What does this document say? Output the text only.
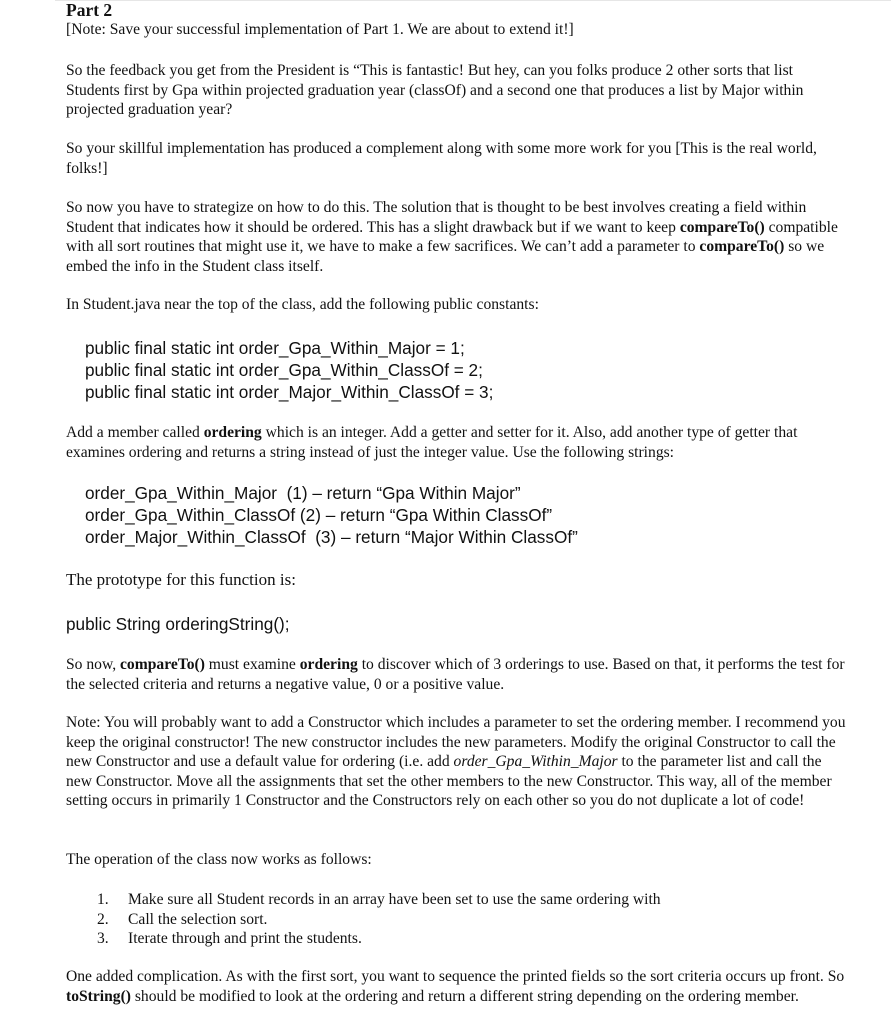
Part 2

[Note: Save your successful implementation of Part 1. We are about to extend it!]

So the feedback you get from the President is “This is fantastic! But hey, can you folks produce 2 other sorts that list Students first by Gpa within projected graduation year (classOf) and a second one that produces a list by Major within projected graduation year?

So your skillful implementation has produced a complement along with some more work for you [This is the real world, folks!]

So now you have to strategize on how to do this. The solution that is thought to be best involves creating a field within Student that indicates how it should be ordered. This has a slight drawback but if we want to keep compareTo() compatible with all sort routines that might use it, we have to make a few sacrifices. We can’t add a parameter to compareTo() so we embed the info in the Student class itself.

In Student.java near the top of the class, add the following public constants:

public final static int order_Gpa_Within_Major = 1;
public final static int order_Gpa_Within_ClassOf = 2;
public final static int order_Major_Within_ClassOf = 3;

Add a member called ordering which is an integer. Add a getter and setter for it. Also, add another type of getter that examines ordering and returns a string instead of just the integer value. Use the following strings:

order_Gpa_Within_Major  (1) – return “Gpa Within Major”
order_Gpa_Within_ClassOf (2) – return “Gpa Within ClassOf”
order_Major_Within_ClassOf  (3) – return “Major Within ClassOf”

The prototype for this function is:

public String orderingString();

So now, compareTo() must examine ordering to discover which of 3 orderings to use. Based on that, it performs the test for the selected criteria and returns a negative value, 0 or a positive value.

Note: You will probably want to add a Constructor which includes a parameter to set the ordering member. I recommend you keep the original constructor! The new constructor includes the new parameters. Modify the original Constructor to call the new Constructor and use a default value for ordering (i.e. add order_Gpa_Within_Major to the parameter list and call the new Constructor. Move all the assignments that set the other members to the new Constructor. This way, all of the member setting occurs in primarily 1 Constructor and the Constructors rely on each other so you do not duplicate a lot of code!

The operation of the class now works as follows:

1.	Make sure all Student records in an array have been set to use the same ordering with
2.	Call the selection sort.
3.	Iterate through and print the students.

One added complication. As with the first sort, you want to sequence the printed fields so the sort criteria occurs up front. So toString() should be modified to look at the ordering and return a different string depending on the ordering member.
